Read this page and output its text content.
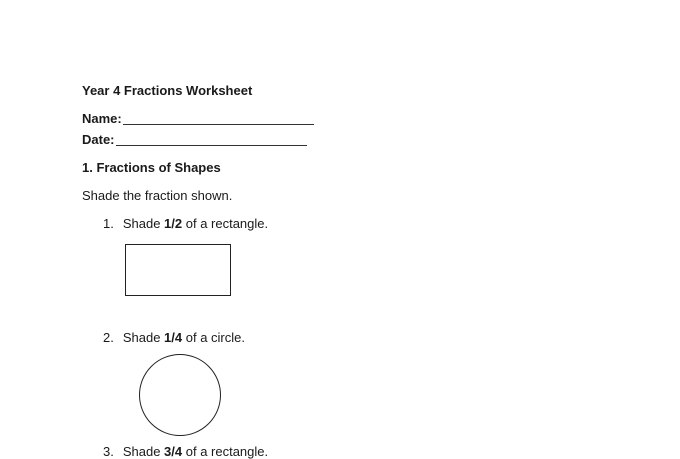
Year 4 Fractions Worksheet
Name:
Date:
1. Fractions of Shapes
Shade the fraction shown.
1. Shade 1/2 of a rectangle.
2. Shade 1/4 of a circle.
3. Shade 3/4 of a rectangle.
